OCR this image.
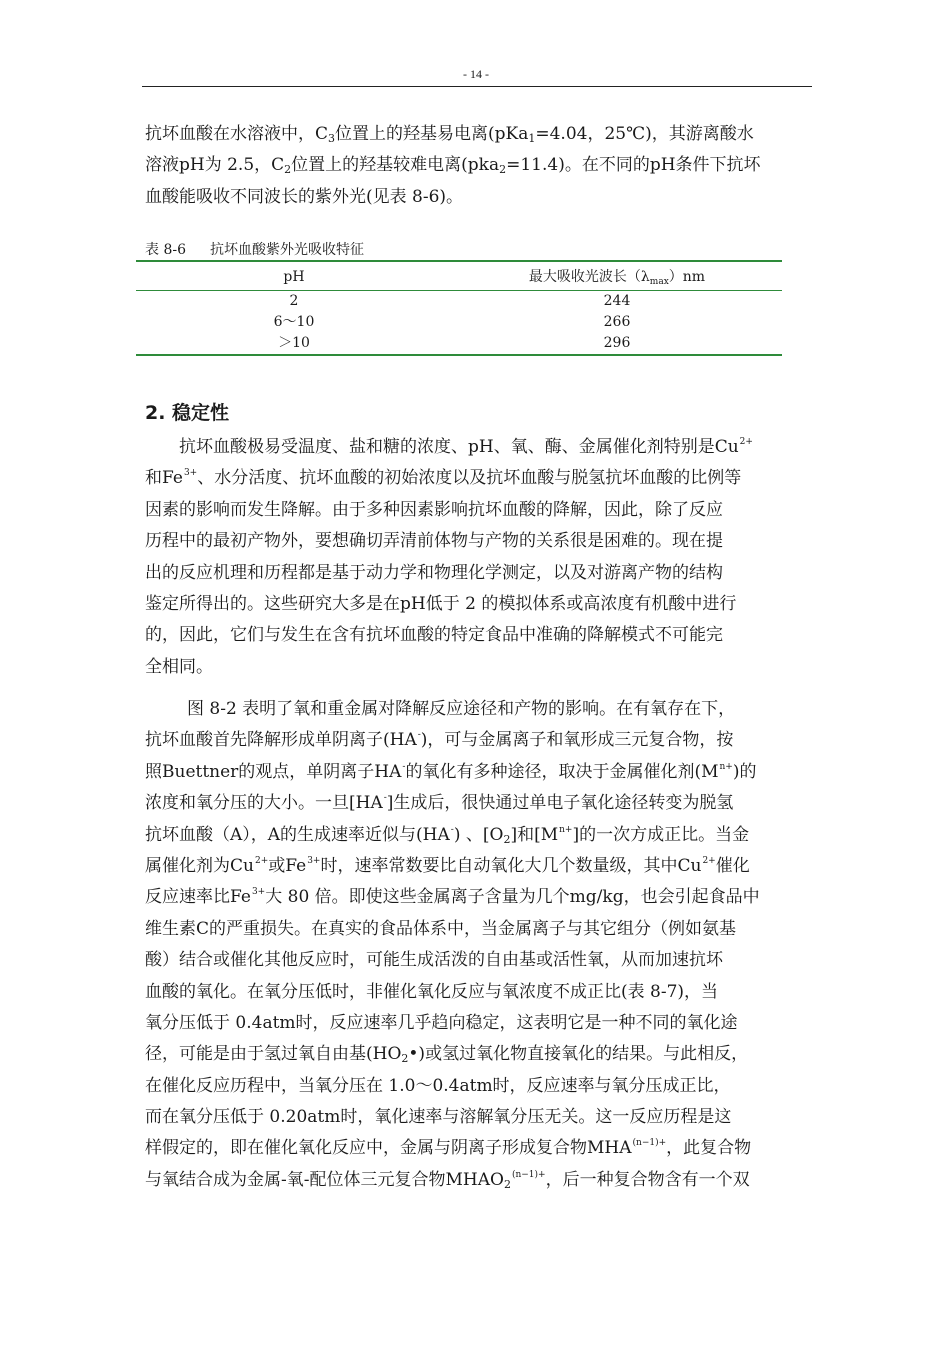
- 14 -
抗坏血酸在水溶液中，C3位置上的羟基易电离(pKa1=4.04，25℃)，其游离酸水
溶液pH为 2.5，C2位置上的羟基较难电离(pka2=11.4)。在不同的pH条件下抗坏
血酸能吸收不同波长的紫外光(见表 8-6)。
表 8-6 抗坏血酸紫外光吸收特征
pH	最大吸收光波长$(\lambda_{max})nm$
2	244
6～10	266
＞10	296
2. 稳定性
抗坏血酸极易受温度、盐和糖的浓度、pH、氧、酶、金属催化剂特别是$Cu^{2+}$
和$Fe^{3+}$、水分活度、抗坏血酸的初始浓度以及抗坏血酸与脱氢抗坏血酸的比例等
因素的影响而发生降解。由于多种因素影响抗坏血酸的降解，因此，除了反应
历程中的最初产物外，要想确切弄清前体物与产物的关系很是困难的。现在提
出的反应机理和历程都是基于动力学和物理化学测定，以及对游离产物的结构
鉴定所得出的。这些研究大多是在pH低于 2 的模拟体系或高浓度有机酸中进行
的，因此，它们与发生在含有抗坏血酸的特定食品中准确的降解模式不可能完
全相同。
图 8-2 表明了氧和重金属对降解反应途径和产物的影响。在有氧存在下，
抗坏血酸首先降解形成单阴离子(HA-)，可与金属离子和氧形成三元复合物，按
照Buettner的观点，单阴离子HA-的氧化有多种途径，取决于金属催化剂$(M^{n+})$的
浓度和氧分压的大小。一旦[HA-]生成后，很快通过单电子氧化途径转变为脱氢
抗坏血酸（A），A的生成速率近似与(HA-) 、[O2]和$[M^{n+}]$的一次方成正比。当金
属催化剂为$Cu^{2+}$或$Fe^{3+}$时，速率常数要比自动氧化大几个数量级，其中$Cu^{2+}$催化
反应速率比$Fe^{3+}$大 80 倍。即使这些金属离子含量为几个mg/kg，也会引起食品中
维生素C的严重损失。在真实的食品体系中，当金属离子与其它组分（例如氨基
酸）结合或催化其他反应时，可能生成活泼的自由基或活性氧，从而加速抗坏
血酸的氧化。在氧分压低时，非催化氧化反应与氧浓度不成正比(表 8-7)，当
氧分压低于 0.4atm时，反应速率几乎趋向稳定，这表明它是一种不同的氧化途
径，可能是由于氢过氧自由基(HO2•)或氢过氧化物直接氧化的结果。与此相反，
在催化反应历程中，当氧分压在 1.0～0.4atm时，反应速率与氧分压成正比，
而在氧分压低于 0.20atm时，氧化速率与溶解氧分压无关。这一反应历程是这
样假定的，即在催化氧化反应中，金属与阴离子形成复合物$MHA^{(n-1)+}$，此复合物
与氧结合成为金属-氧-配位体三元复合物$MHAO2^{(n-1)+}$，后一种复合物含有一个双
